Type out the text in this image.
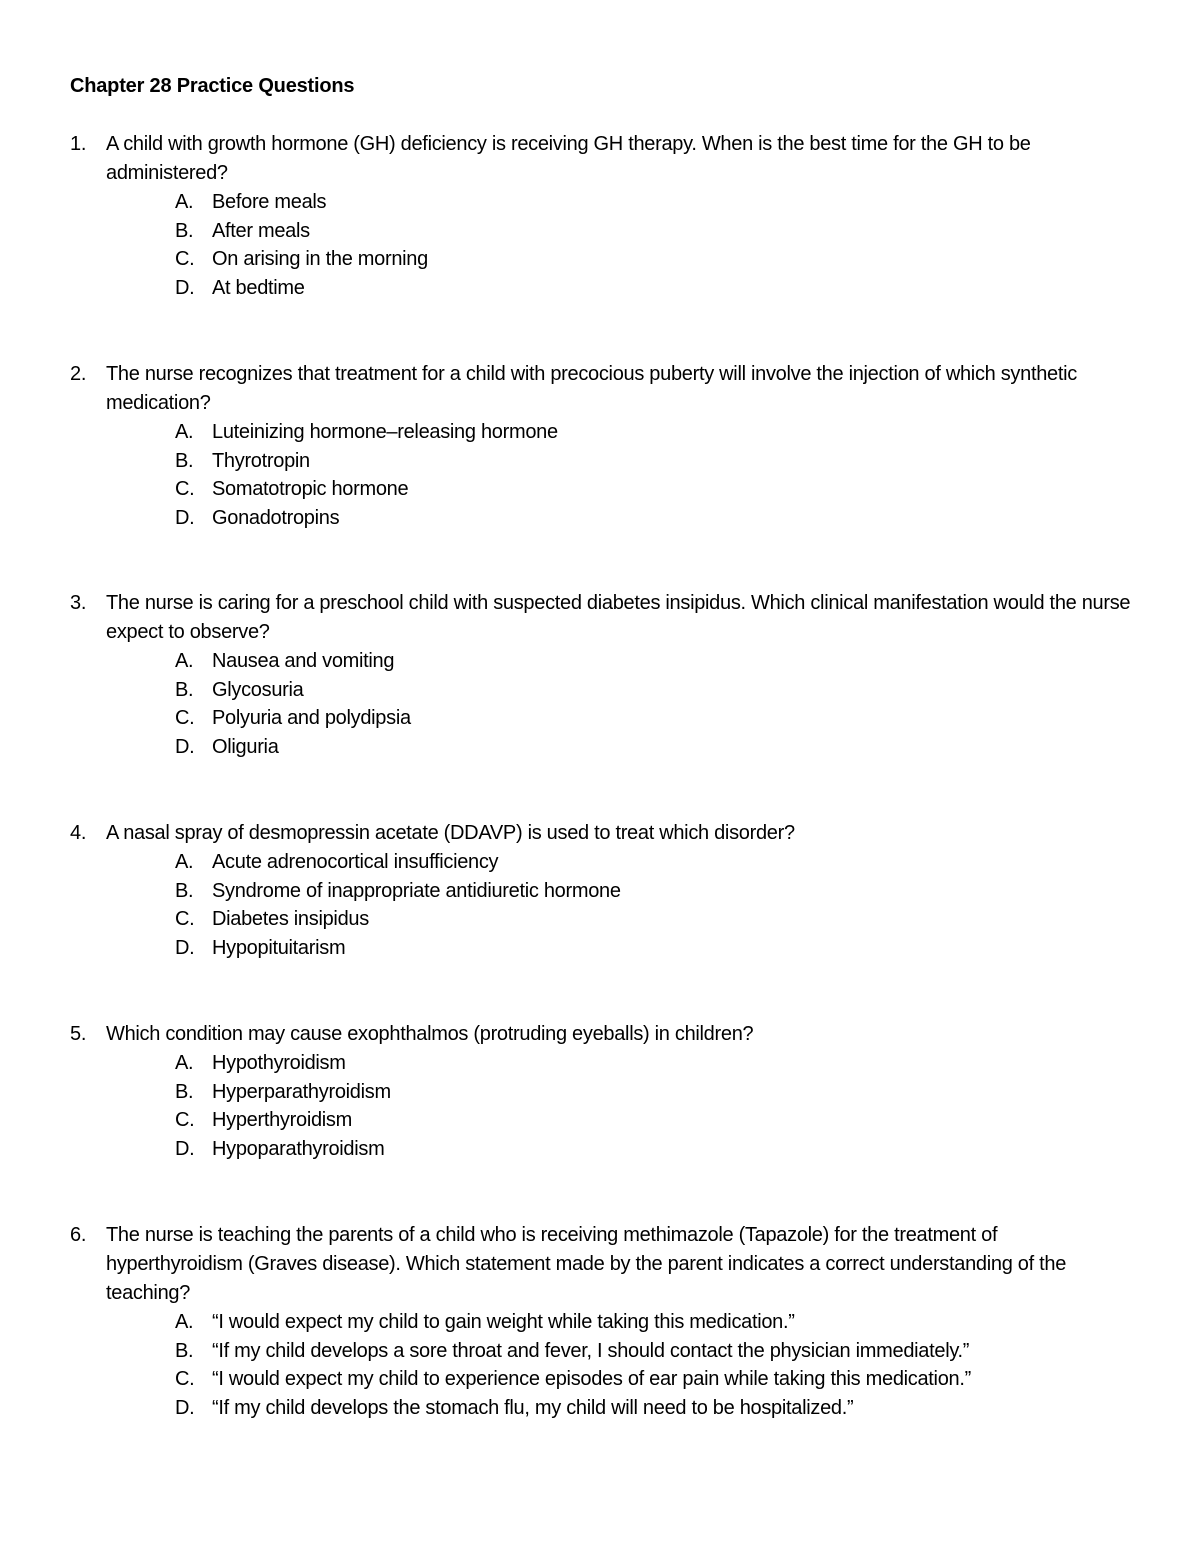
Chapter 28 Practice Questions
1. A child with growth hormone (GH) deficiency is receiving GH therapy. When is the best time for the GH to be administered?
A. Before meals
B. After meals
C. On arising in the morning
D. At bedtime
2. The nurse recognizes that treatment for a child with precocious puberty will involve the injection of which synthetic medication?
A. Luteinizing hormone–releasing hormone
B. Thyrotropin
C. Somatotropic hormone
D. Gonadotropins
3. The nurse is caring for a preschool child with suspected diabetes insipidus. Which clinical manifestation would the nurse expect to observe?
A. Nausea and vomiting
B. Glycosuria
C. Polyuria and polydipsia
D. Oliguria
4. A nasal spray of desmopressin acetate (DDAVP) is used to treat which disorder?
A. Acute adrenocortical insufficiency
B. Syndrome of inappropriate antidiuretic hormone
C. Diabetes insipidus
D. Hypopituitarism
5. Which condition may cause exophthalmos (protruding eyeballs) in children?
A. Hypothyroidism
B. Hyperparathyroidism
C. Hyperthyroidism
D. Hypoparathyroidism
6. The nurse is teaching the parents of a child who is receiving methimazole (Tapazole) for the treatment of hyperthyroidism (Graves disease). Which statement made by the parent indicates a correct understanding of the teaching?
A. “I would expect my child to gain weight while taking this medication.”
B. “If my child develops a sore throat and fever, I should contact the physician immediately.”
C. “I would expect my child to experience episodes of ear pain while taking this medication.”
D. “If my child develops the stomach flu, my child will need to be hospitalized.”
